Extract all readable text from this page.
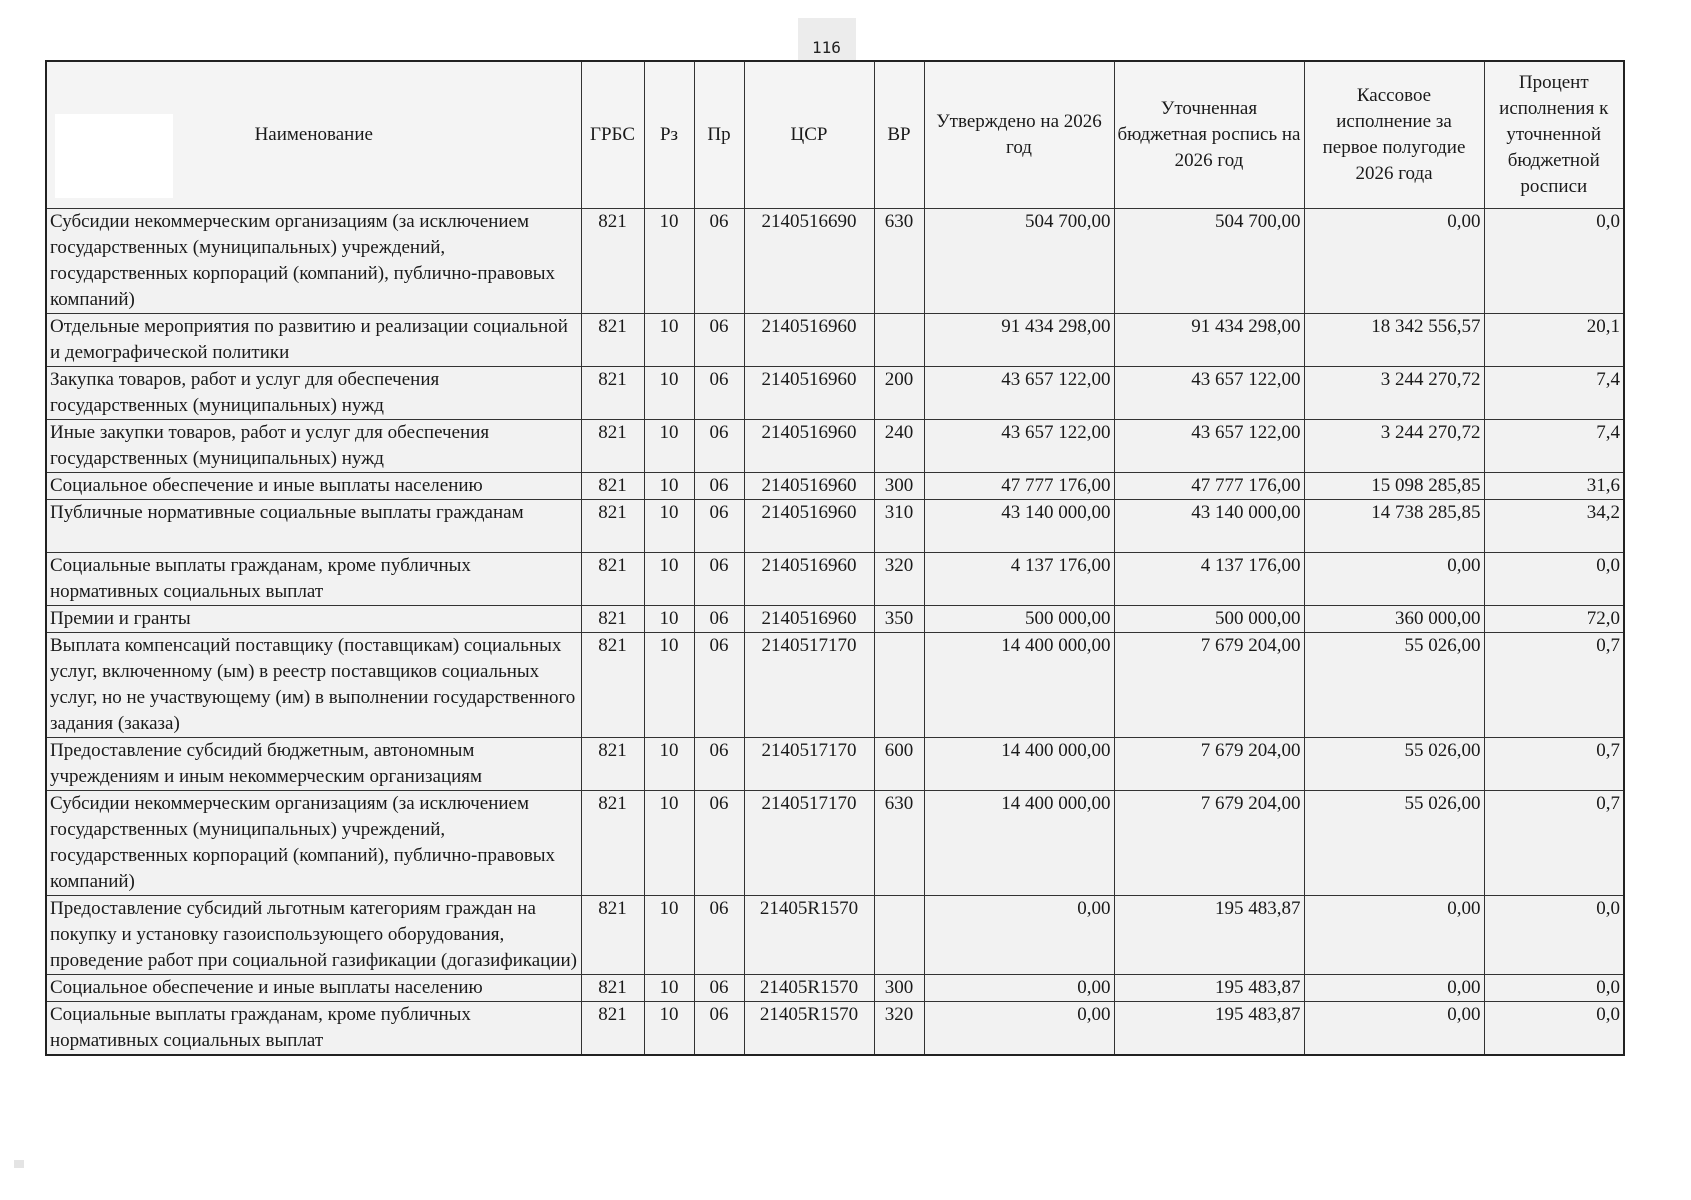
116
Наименование	ГРБС	Рз	Пр	ЦСР	ВР	Утверждено на 2026 год	Уточненная бюджетная роспись на 2026 год	Кассовое исполнение за первое полугодие 2026 года	Процент исполнения к уточненной бюджетной росписи
Субсидии некоммерческим организациям (за исключением государственных (муниципальных) учреждений, государственных корпораций (компаний), публично-правовых компаний)	821	10	06	2140516690	630	504 700,00	504 700,00	0,00	0,0
Отдельные мероприятия по развитию и реализации социальной и демографической политики	821	10	06	2140516960		91 434 298,00	91 434 298,00	18 342 556,57	20,1
Закупка товаров, работ и услуг для обеспечения государственных (муниципальных) нужд	821	10	06	2140516960	200	43 657 122,00	43 657 122,00	3 244 270,72	7,4
Иные закупки товаров, работ и услуг для обеспечения государственных (муниципальных) нужд	821	10	06	2140516960	240	43 657 122,00	43 657 122,00	3 244 270,72	7,4
Социальное обеспечение и иные выплаты населению	821	10	06	2140516960	300	47 777 176,00	47 777 176,00	15 098 285,85	31,6
Публичные нормативные социальные выплаты гражданам	821	10	06	2140516960	310	43 140 000,00	43 140 000,00	14 738 285,85	34,2
Социальные выплаты гражданам, кроме публичных нормативных социальных выплат	821	10	06	2140516960	320	4 137 176,00	4 137 176,00	0,00	0,0
Премии и гранты	821	10	06	2140516960	350	500 000,00	500 000,00	360 000,00	72,0
Выплата компенсаций поставщику (поставщикам) социальных услуг, включенному (ым) в реестр поставщиков социальных услуг, но не участвующему (им) в выполнении государственного задания (заказа)	821	10	06	2140517170		14 400 000,00	7 679 204,00	55 026,00	0,7
Предоставление субсидий бюджетным, автономным учреждениям и иным некоммерческим организациям	821	10	06	2140517170	600	14 400 000,00	7 679 204,00	55 026,00	0,7
Субсидии некоммерческим организациям (за исключением государственных (муниципальных) учреждений, государственных корпораций (компаний), публично-правовых компаний)	821	10	06	2140517170	630	14 400 000,00	7 679 204,00	55 026,00	0,7
Предоставление субсидий льготным категориям граждан на покупку и установку газоиспользующего оборудования, проведение работ при социальной газификации (догазификации)	821	10	06	21405R1570		0,00	195 483,87	0,00	0,0
Социальное обеспечение и иные выплаты населению	821	10	06	21405R1570	300	0,00	195 483,87	0,00	0,0
Социальные выплаты гражданам, кроме публичных нормативных социальных выплат	821	10	06	21405R1570	320	0,00	195 483,87	0,00	0,0
